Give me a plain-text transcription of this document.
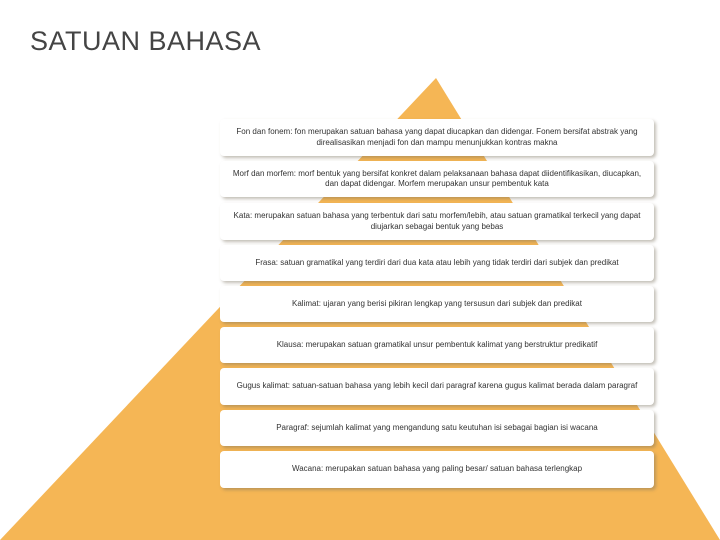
SATUAN BAHASA
Fon dan fonem: fon merupakan satuan bahasa yang dapat diucapkan dan didengar. Fonem bersifat abstrak yang direalisasikan menjadi fon dan mampu menunjukkan kontras makna
Morf dan morfem: morf bentuk yang bersifat konkret dalam pelaksanaan bahasa dapat diidentifikasikan, diucapkan, dan dapat didengar. Morfem merupakan unsur pembentuk kata
Kata: merupakan satuan bahasa yang terbentuk dari satu morfem/lebih, atau satuan gramatikal terkecil yang dapat diujarkan sebagai bentuk yang bebas
Frasa: satuan gramatikal yang terdiri dari dua kata atau lebih yang tidak terdiri dari subjek dan predikat
Kalimat: ujaran yang berisi pikiran lengkap yang tersusun dari subjek dan predikat
Klausa: merupakan satuan gramatikal unsur pembentuk kalimat yang berstruktur predikatif
Gugus kalimat: satuan-satuan bahasa yang lebih kecil dari paragraf karena gugus kalimat berada dalam paragraf
Paragraf: sejumlah kalimat yang mengandung satu keutuhan isi sebagai bagian isi wacana
Wacana: merupakan satuan bahasa yang paling besar/ satuan bahasa terlengkap
